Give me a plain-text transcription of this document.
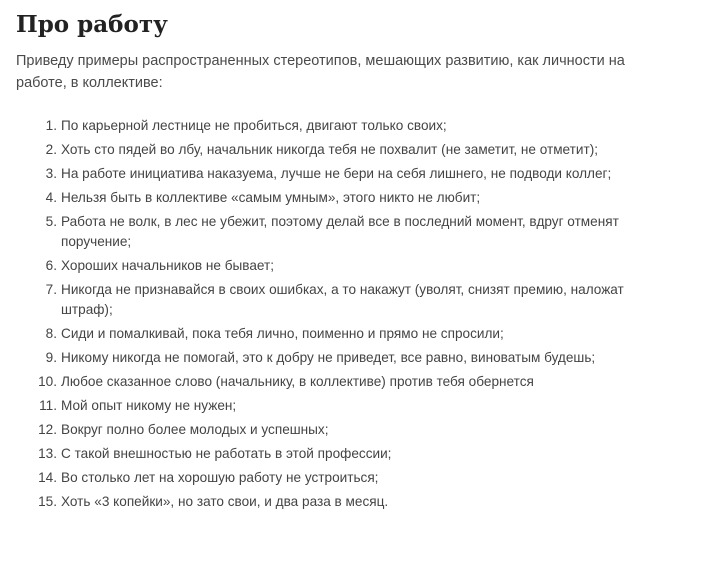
Про работу

Приведу примеры распространенных стереотипов, мешающих развитию, как личности на работе, в коллективе:

1. По карьерной лестнице не пробиться, двигают только своих;
2. Хоть сто пядей во лбу, начальник никогда тебя не похвалит (не заметит, не отметит);
3. На работе инициатива наказуема, лучше не бери на себя лишнего, не подводи коллег;
4. Нельзя быть в коллективе «самым умным», этого никто не любит;
5. Работа не волк, в лес не убежит, поэтому делай все в последний момент, вдруг отменят поручение;
6. Хороших начальников не бывает;
7. Никогда не признавайся в своих ошибках, а то накажут (уволят, снизят премию, наложат штраф);
8. Сиди и помалкивай, пока тебя лично, поименно и прямо не спросили;
9. Никому никогда не помогай, это к добру не приведет, все равно, виноватым будешь;
10. Любое сказанное слово (начальнику, в коллективе) против тебя обернется
11. Мой опыт никому не нужен;
12. Вокруг полно более молодых и успешных;
13. С такой внешностью не работать в этой профессии;
14. Во столько лет на хорошую работу не устроиться;
15. Хоть «3 копейки», но зато свои, и два раза в месяц.
